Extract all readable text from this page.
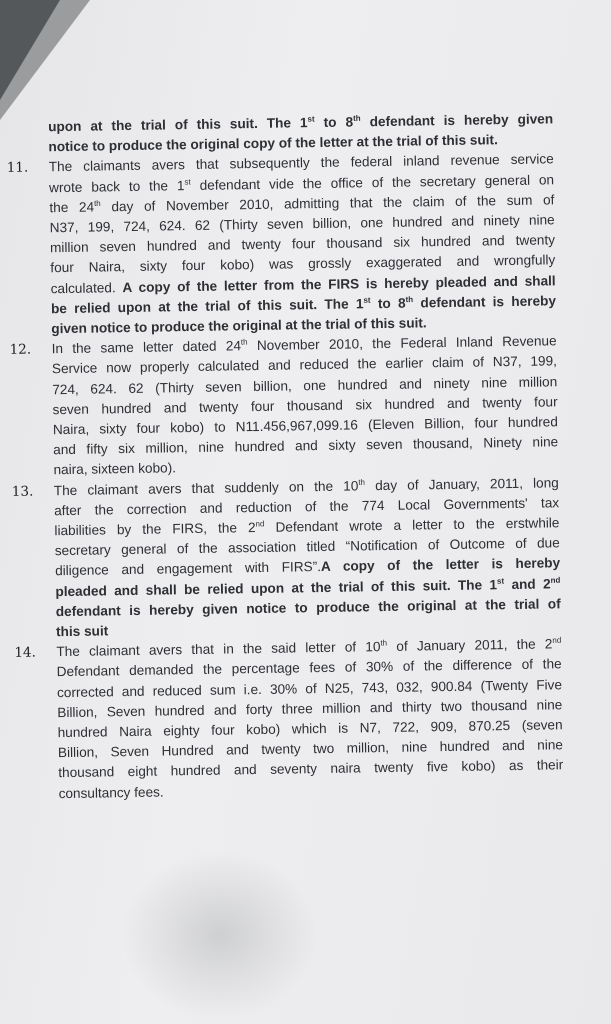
upon at the trial of this suit. The 1st to 8th defendant is hereby given
notice to produce the original copy of the letter at the trial of this suit.
11. The claimants avers that subsequently the federal inland revenue service
wrote back to the 1st defendant vide the office of the secretary general on
the 24th day of November 2010, admitting that the claim of the sum of
N37, 199, 724, 624. 62 (Thirty seven billion, one hundred and ninety nine
million seven hundred and twenty four thousand six hundred and twenty
four Naira, sixty four kobo) was grossly exaggerated and wrongfully
calculated. A copy of the letter from the FIRS is hereby pleaded and shall
be relied upon at the trial of this suit. The 1st to 8th defendant is hereby
given notice to produce the original at the trial of this suit.
12. In the same letter dated 24th November 2010, the Federal Inland Revenue
Service now properly calculated and reduced the earlier claim of N37, 199,
724, 624. 62 (Thirty seven billion, one hundred and ninety nine million
seven hundred and twenty four thousand six hundred and twenty four
Naira, sixty four kobo) to N11.456,967,099.16 (Eleven Billion, four hundred
and fifty six million, nine hundred and sixty seven thousand, Ninety nine
naira, sixteen kobo).
13. The claimant avers that suddenly on the 10th day of January, 2011, long
after the correction and reduction of the 774 Local Governments' tax
liabilities by the FIRS, the 2nd Defendant wrote a letter to the erstwhile
secretary general of the association titled “Notification of Outcome of due
diligence and engagement with FIRS”.A copy of the letter is hereby
pleaded and shall be relied upon at the trial of this suit. The 1st and 2nd
defendant is hereby given notice to produce the original at the trial of
this suit
14. The claimant avers that in the said letter of 10th of January 2011, the 2nd
Defendant demanded the percentage fees of 30% of the difference of the
corrected and reduced sum i.e. 30% of N25, 743, 032, 900.84 (Twenty Five
Billion, Seven hundred and forty three million and thirty two thousand nine
hundred Naira eighty four kobo) which is N7, 722, 909, 870.25 (seven
Billion, Seven Hundred and twenty two million, nine hundred and nine
thousand eight hundred and seventy naira twenty five kobo) as their
consultancy fees.
